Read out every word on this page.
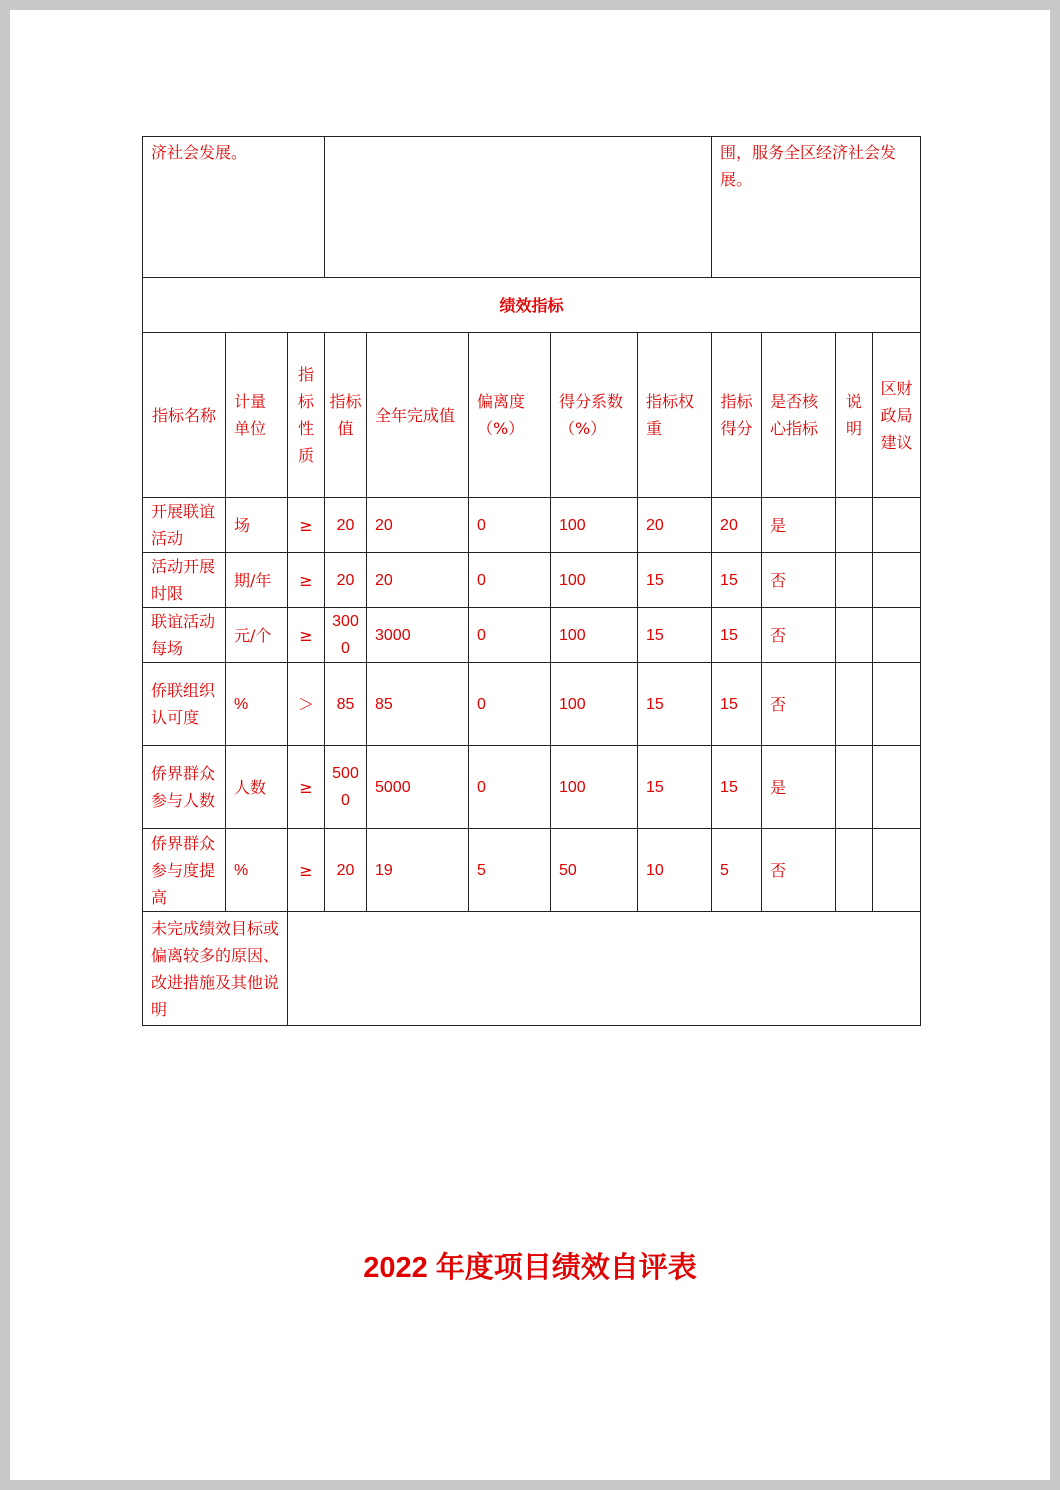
济社会发展。								围，服务全区经济社会发展。			
绩效指标											
指标名称	计量单位	指标性质	指标值	全年完成值	偏离度（%）	得分系数（%）	指标权重	指标得分	是否核心指标	说明	区财政局建议
开展联谊活动	场	≥	20	20	0	100	20	20	是		
活动开展时限	期/年	≥	20	20	0	100	15	15	否		
联谊活动每场	元/个	≥	3000	3000	0	100	15	15	否		
侨联组织认可度	%	＞	85	85	0	100	15	15	否		
侨界群众参与人数	人数	≥	5000	5000	0	100	15	15	是		
侨界群众参与度提高	%	≥	20	19	5	50	10	5	否		
未完成绩效目标或偏离较多的原因、改进措施及其他说明											
2022 年度项目绩效自评表
